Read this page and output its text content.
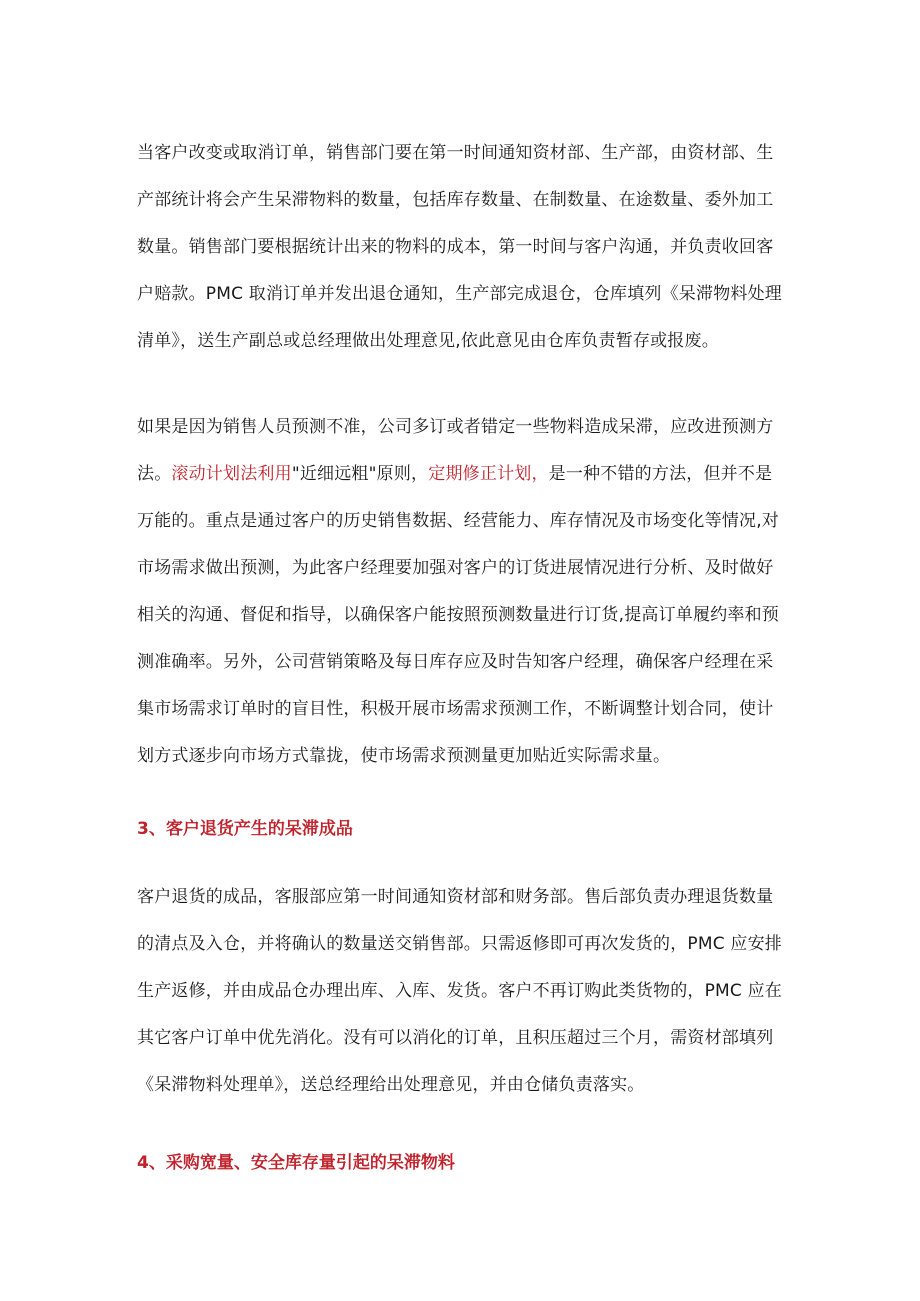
当客户改变或取消订单，销售部门要在第一时间通知资材部、生产部，由资材部、生产部统计将会产生呆滞物料的数量，包括库存数量、在制数量、在途数量、委外加工数量。销售部门要根据统计出来的物料的成本，第一时间与客户沟通，并负责收回客户赔款。PMC 取消订单并发出退仓通知，生产部完成退仓，仓库填列《呆滞物料处理清单》，送生产副总或总经理做出处理意见,依此意见由仓库负责暂存或报废。

如果是因为销售人员预测不准，公司多订或者错定一些物料造成呆滞，应改进预测方法。滚动计划法利用"近细远粗"原则，定期修正计划，是一种不错的方法，但并不是万能的。重点是通过客户的历史销售数据、经营能力、库存情况及市场变化等情况,对市场需求做出预测，为此客户经理要加强对客户的订货进展情况进行分析、及时做好相关的沟通、督促和指导，以确保客户能按照预测数量进行订货,提高订单履约率和预测准确率。另外，公司营销策略及每日库存应及时告知客户经理，确保客户经理在采集市场需求订单时的盲目性，积极开展市场需求预测工作，不断调整计划合同，使计划方式逐步向市场方式靠拢，使市场需求预测量更加贴近实际需求量。

3、客户退货产生的呆滞成品

客户退货的成品，客服部应第一时间通知资材部和财务部。售后部负责办理退货数量的清点及入仓，并将确认的数量送交销售部。只需返修即可再次发货的，PMC 应安排生产返修，并由成品仓办理出库、入库、发货。客户不再订购此类货物的，PMC 应在其它客户订单中优先消化。没有可以消化的订单，且积压超过三个月，需资材部填列《呆滞物料处理单》，送总经理给出处理意见，并由仓储负责落实。

4、采购宽量、安全库存量引起的呆滞物料
